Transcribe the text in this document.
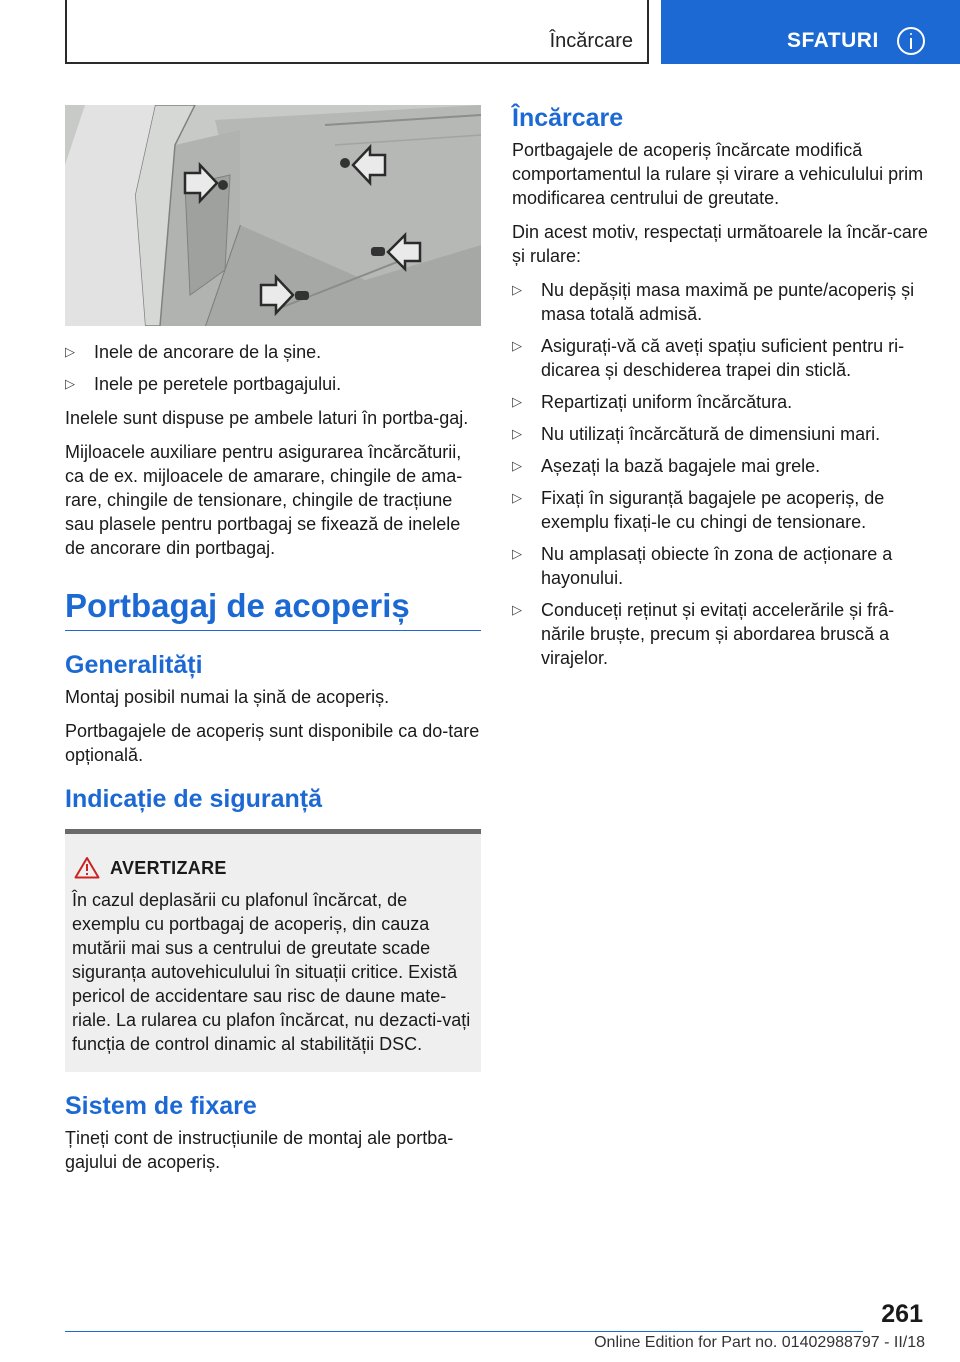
Încărcare	SFATURI
▷	Inele de ancorare de la șine.
▷	Inele pe peretele portbagajului.

Inelele sunt dispuse pe ambele laturi în portba-gaj.

Mijloacele auxiliare pentru asigurarea încărcăturii, ca de ex. mijloacele de amarare, chingile de ama-rare, chingile de tensionare, chingile de tracțiune sau plasele pentru portbagaj se fixează de inelele de ancorare din portbagaj.

Portbagaj de acoperiș
Generalități

Montaj posibil numai la șină de acoperiș.

Portbagajele de acoperiș sunt disponibile ca do-tare opțională.

Indicație de siguranță
AVERTIZARE

În cazul deplasării cu plafonul încărcat, de exemplu cu portbagaj de acoperiș, din cauza mutării mai sus a centrului de greutate scade siguranța autovehiculului în situații critice. Există pericol de accidentare sau risc de daune mate-riale. La rularea cu plafon încărcat, nu dezacti-vați funcția de control dinamic al stabilității DSC.

Sistem de fixare

Țineți cont de instrucțiunile de montaj ale portba-gajului de acoperiș.

Încărcare

Portbagajele de acoperiș încărcate modifică comportamentul la rulare și virare a vehiculului prim modificarea centrului de greutate.

Din acest motiv, respectați următoarele la încăr-care și rulare:

▷	Nu depășiți masa maximă pe punte/acoperiș și masa totală admisă.
▷	Asigurați-vă că aveți spațiu suficient pentru ri-dicarea și deschiderea trapei din sticlă.
▷	Repartizați uniform încărcătura.
▷	Nu utilizați încărcătură de dimensiuni mari.
▷	Așezați la bază bagajele mai grele.
▷	Fixați în siguranță bagajele pe acoperiș, de exemplu fixați-le cu chingi de tensionare.
▷	Nu amplasați obiecte în zona de acționare a hayonului.
▷	Conduceți reținut și evitați accelerările și frâ-nările bruște, precum și abordarea bruscă a virajelor.
261
Online Edition for Part no. 01402988797 - II/18
